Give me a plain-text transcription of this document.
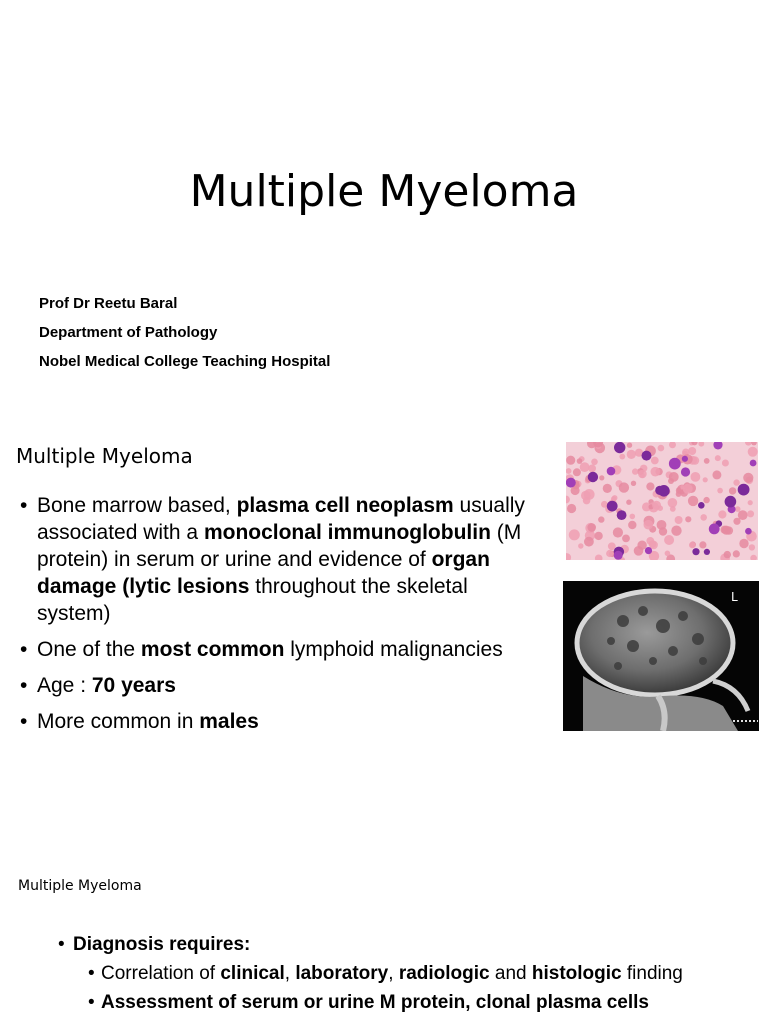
Multiple Myeloma
Prof Dr Reetu Baral
Department of Pathology
Nobel Medical College Teaching Hospital
Multiple Myeloma
• Bone marrow based, plasma cell neoplasm usually associated with a monoclonal immunoglobulin (M protein) in serum or urine and evidence of organ damage (lytic lesions throughout the skeletal system)
• One of the most common lymphoid malignancies
• Age : 70 years
• More common in males
L
Multiple Myeloma
• Diagnosis requires:
• Correlation of clinical, laboratory, radiologic and histologic finding
• Assessment of serum or urine M protein, clonal plasma cells
